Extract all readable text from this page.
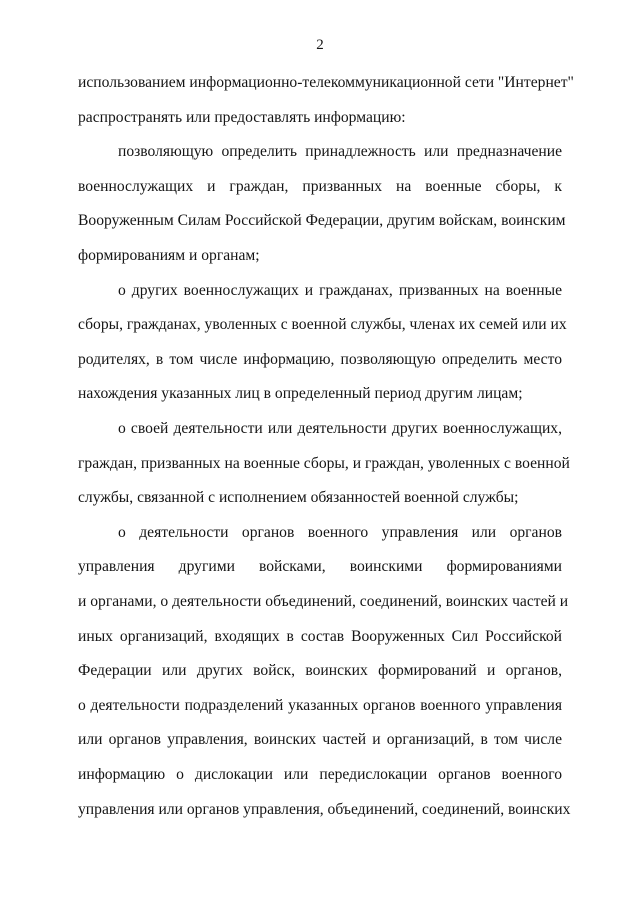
2
использованием информационно-телекоммуникационной сети "Интернет"
распространять или предоставлять информацию:
позволяющую определить принадлежность или предназначение
военнослужащих и граждан, призванных на военные сборы, к
Вооруженным Силам Российской Федерации, другим войскам, воинским
формированиям и органам;
о других военнослужащих и гражданах, призванных на военные
сборы, гражданах, уволенных с военной службы, членах их семей или их
родителях, в том числе информацию, позволяющую определить место
нахождения указанных лиц в определенный период другим лицам;
о своей деятельности или деятельности других военнослужащих,
граждан, призванных на военные сборы, и граждан, уволенных с военной
службы, связанной с исполнением обязанностей военной службы;
о деятельности органов военного управления или органов
управления другими войсками, воинскими формированиями
и органами, о деятельности объединений, соединений, воинских частей и
иных организаций, входящих в состав Вооруженных Сил Российской
Федерации или других войск, воинских формирований и органов,
о деятельности подразделений указанных органов военного управления
или органов управления, воинских частей и организаций, в том числе
информацию о дислокации или передислокации органов военного
управления или органов управления, объединений, соединений, воинских
